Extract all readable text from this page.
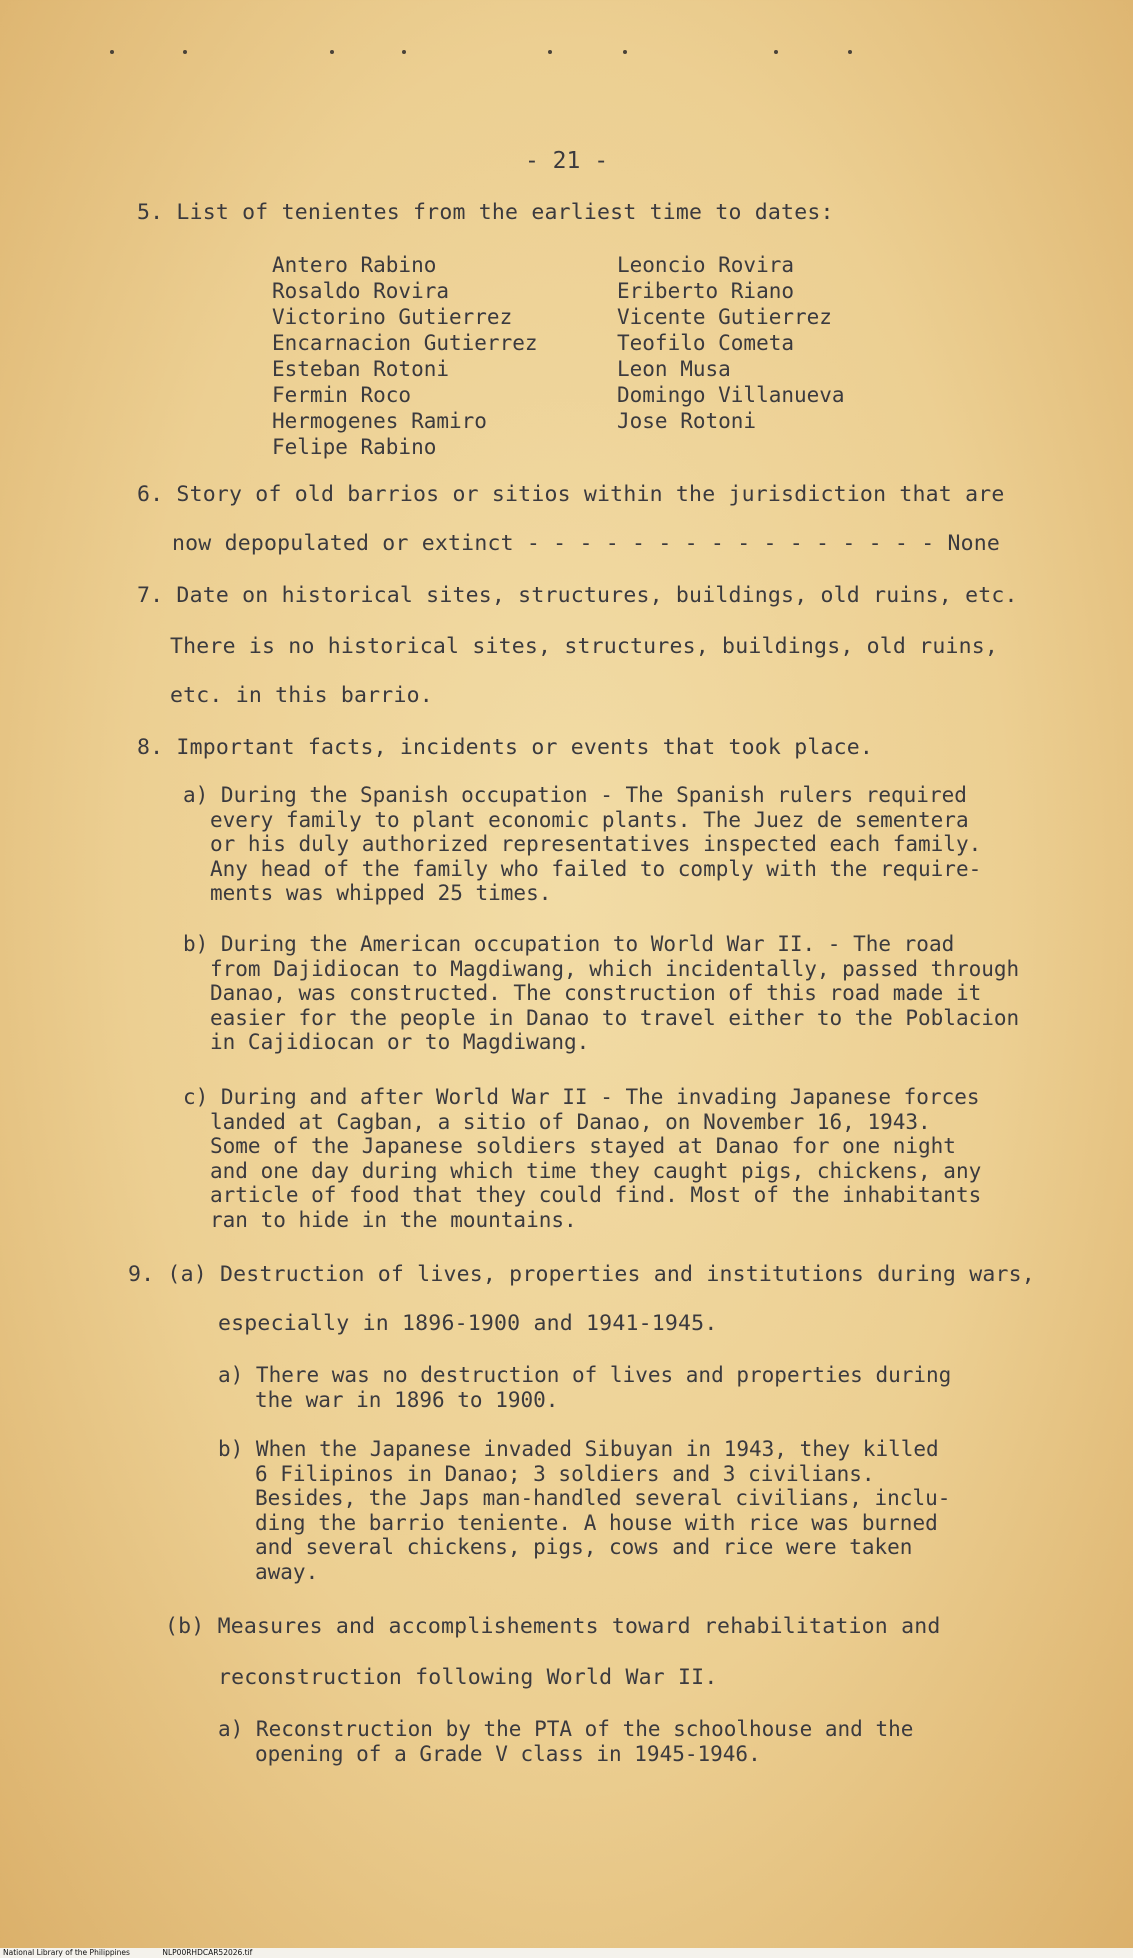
- 21 -
5. List of tenientes from the earliest time to dates:
Antero Rabino
Rosaldo Rovira
Victorino Gutierrez
Encarnacion Gutierrez
Esteban Rotoni
Fermin Roco
Hermogenes Ramiro
Felipe Rabino
Leoncio Rovira
Eriberto Riano
Vicente Gutierrez
Teofilo Cometa
Leon Musa
Domingo Villanueva
Jose Rotoni
6. Story of old barrios or sitios within the jurisdiction that are
now depopulated or extinct - - - - - - - - - - - - - - - - None
7. Date on historical sites, structures, buildings, old ruins, etc.
There is no historical sites, structures, buildings, old ruins,
etc. in this barrio.
8. Important facts, incidents or events that took place.
a) During the Spanish occupation - The Spanish rulers required
every family to plant economic plants. The Juez de sementera
or his duly authorized representatives inspected each family.
Any head of the family who failed to comply with the require-
ments was whipped 25 times.
b) During the American occupation to World War II. - The road
from Dajidiocan to Magdiwang, which incidentally, passed through
Danao, was constructed. The construction of this road made it
easier for the people in Danao to travel either to the Poblacion
in Cajidiocan or to Magdiwang.
c) During and after World War II - The invading Japanese forces
landed at Cagban, a sitio of Danao, on November 16, 1943.
Some of the Japanese soldiers stayed at Danao for one night
and one day during which time they caught pigs, chickens, any
article of food that they could find. Most of the inhabitants
ran to hide in the mountains.
9. (a) Destruction of lives, properties and institutions during wars,
especially in 1896-1900 and 1941-1945.
a) There was no destruction of lives and properties during
the war in 1896 to 1900.
b) When the Japanese invaded Sibuyan in 1943, they killed
6 Filipinos in Danao; 3 soldiers and 3 civilians.
Besides, the Japs man-handled several civilians, inclu-
ding the barrio teniente. A house with rice was burned
and several chickens, pigs, cows and rice were taken
away.
(b) Measures and accomplishements toward rehabilitation and
reconstruction following World War II.
a) Reconstruction by the PTA of the schoolhouse and the
opening of a Grade V class in 1945-1946.
National Library of the Philippines	NLP00RHDCAR52026.tif
